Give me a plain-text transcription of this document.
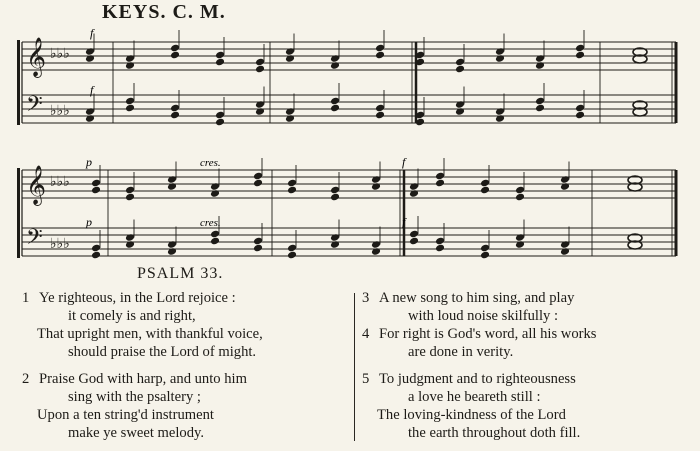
KEYS. C. M.
𝄞 ♭♭♭
𝄞 ♭♭♭
𝄢 ♭♭♭
𝄢 ♭♭♭
f
f
p
p
cres.
cres.
f
f
PSALM 33.
1 Ye righteous, in the Lord rejoice :
it comely is and right,
That upright men, with thankful voice,
should praise the Lord of might.
2 Praise God with harp, and unto him
sing with the psaltery ;
Upon a ten string'd instrument
make ye sweet melody.
3 A new song to him sing, and play
with loud noise skilfully :
4 For right is God's word, all his works
are done in verity.
5 To judgment and to righteousness
a love he beareth still :
The loving-kindness of the Lord
the earth throughout doth fill.
